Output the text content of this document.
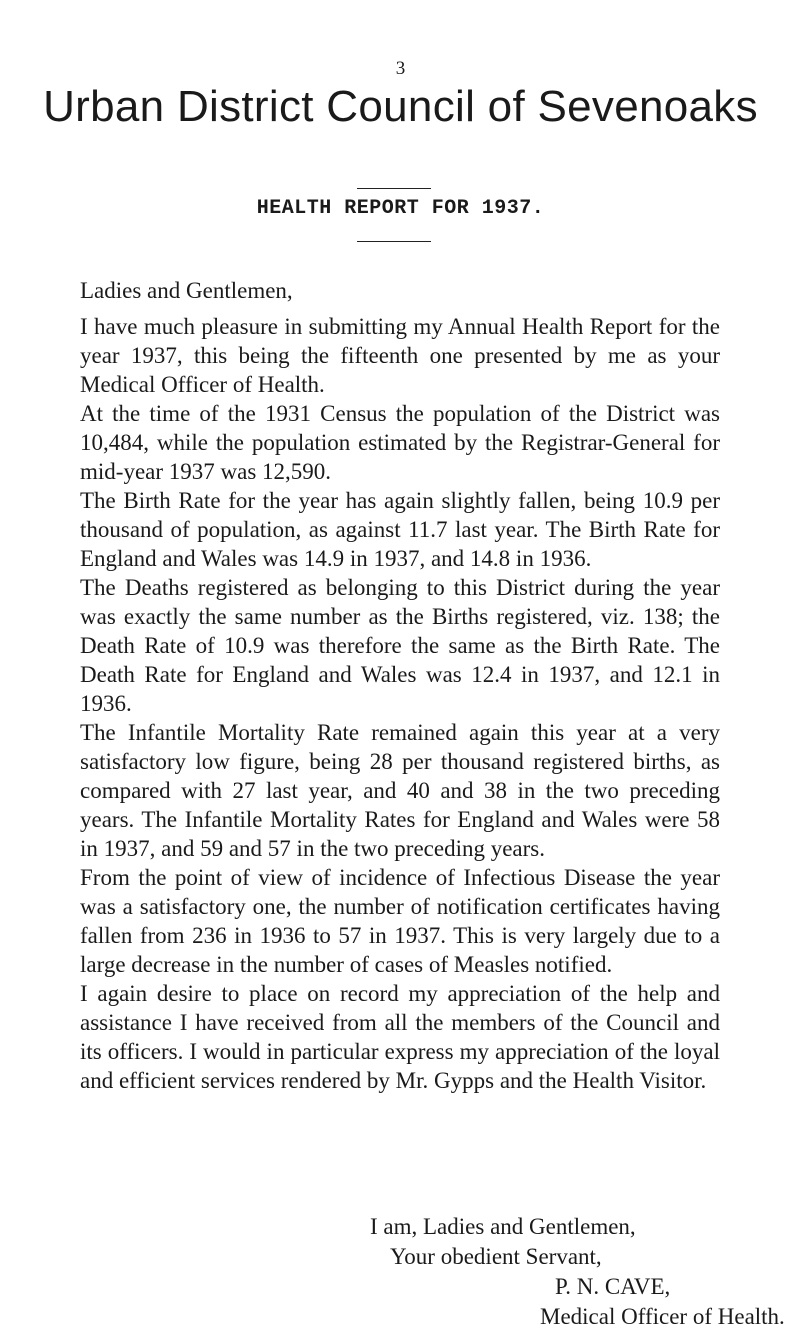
3
Urban District Council of Sevenoaks
HEALTH REPORT FOR 1937.

Ladies and Gentlemen,

I have much pleasure in submitting my Annual Health Report for the year 1937, this being the fifteenth one presented by me as your Medical Officer of Health.

At the time of the 1931 Census the population of the District was 10,484, while the population estimated by the Registrar-General for mid-year 1937 was 12,590.

The Birth Rate for the year has again slightly fallen, being 10.9 per thousand of population, as against 11.7 last year. The Birth Rate for England and Wales was 14.9 in 1937, and 14.8 in 1936.

The Deaths registered as belonging to this District during the year was exactly the same number as the Births registered, viz. 138; the Death Rate of 10.9 was therefore the same as the Birth Rate. The Death Rate for England and Wales was 12.4 in 1937, and 12.1 in 1936.

The Infantile Mortality Rate remained again this year at a very satisfactory low figure, being 28 per thousand registered births, as compared with 27 last year, and 40 and 38 in the two preceding years. The Infantile Mortality Rates for England and Wales were 58 in 1937, and 59 and 57 in the two preceding years.

From the point of view of incidence of Infectious Disease the year was a satisfactory one, the number of notification certificates having fallen from 236 in 1936 to 57 in 1937. This is very largely due to a large decrease in the number of cases of Measles notified.

I again desire to place on record my appreciation of the help and assistance I have received from all the members of the Council and its officers. I would in particular express my appreciation of the loyal and efficient services rendered by Mr. Gypps and the Health Visitor.

I am, Ladies and Gentlemen,
Your obedient Servant,
P. N. CAVE,
Medical Officer of Health.
